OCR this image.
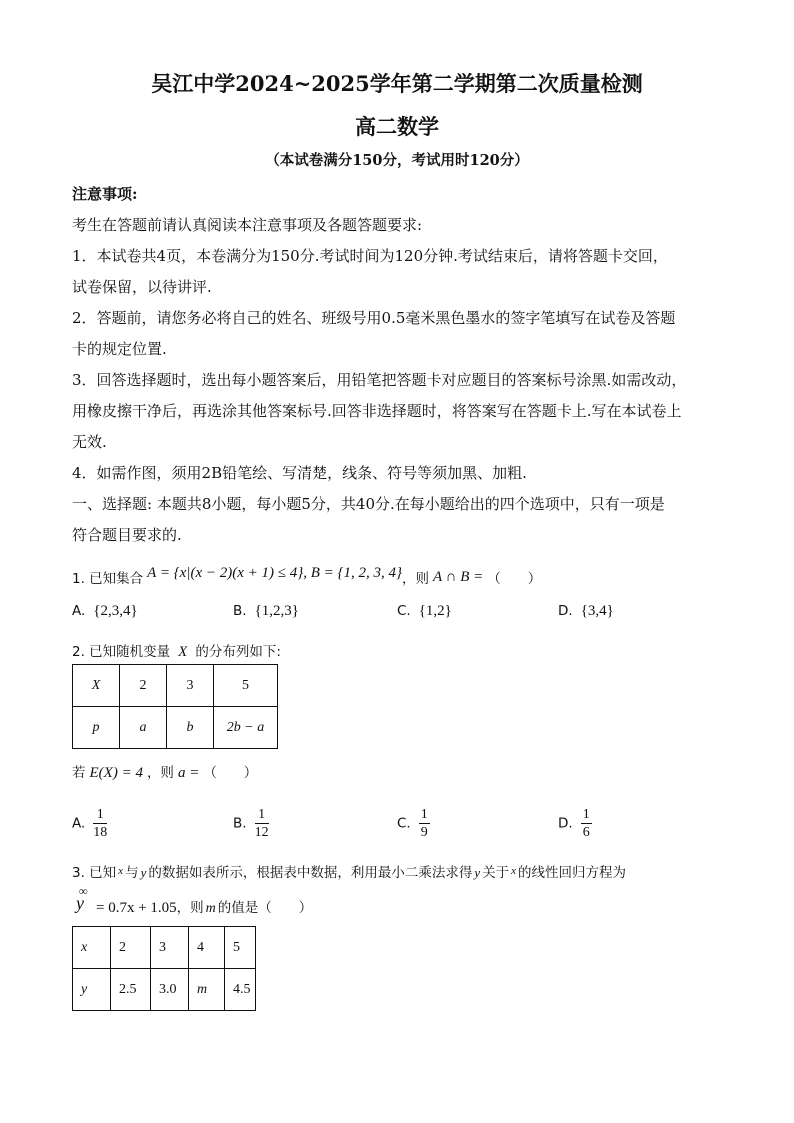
吴江中学2024~2025学年第二学期第二次质量检测
高二数学
（本试卷满分150分，考试用时120分）
注意事项:
考生在答题前请认真阅读本注意事项及各题答题要求:
1．本试卷共4页，本卷满分为150分.考试时间为120分钟.考试结束后，请将答题卡交回，
试卷保留，以待讲评.
2．答题前，请您务必将自己的姓名、班级号用0.5毫米黑色墨水的签字笔填写在试卷及答题
卡的规定位置.
3．回答选择题时，选出每小题答案后，用铅笔把答题卡对应题目的答案标号涂黑.如需改动，
用橡皮擦干净后，再选涂其他答案标号.回答非选择题时，将答案写在答题卡上.写在本试卷上
无效.
4．如需作图，须用2B铅笔绘、写清楚，线条、符号等须加黑、加粗.
一、选择题: 本题共8小题，每小题5分，共40分.在每小题给出的四个选项中，只有一项是
符合题目要求的.
1. 已知集合 A = {x|(x − 2)(x + 1) ≤ 4}, B = {1, 2, 3, 4}，则 A ∩ B = （　　）
A. {2,3,4}	B. {1,2,3}	C. {1,2}	D. {3,4}
2. 已知随机变量 X 的分布列如下:
X	2	3	5
p	a	b	2b − a
若 E(X) = 4 ，则 a = （　　）
A. $\frac{1}{18}$	B. $\frac{1}{12}$	C. $\frac{1}{9}$	D. $\frac{1}{6}$
3. 已知 $^x$ 与 y 的数据如表所示，根据表中数据，利用最小二乘法求得 y 关于 $^x$ 的线性回归方程为
∞
y = 0.7x + 1.05，则 m 的值是（　　）
x	2	3	4	5
y	2.5	3.0	m	4.5
